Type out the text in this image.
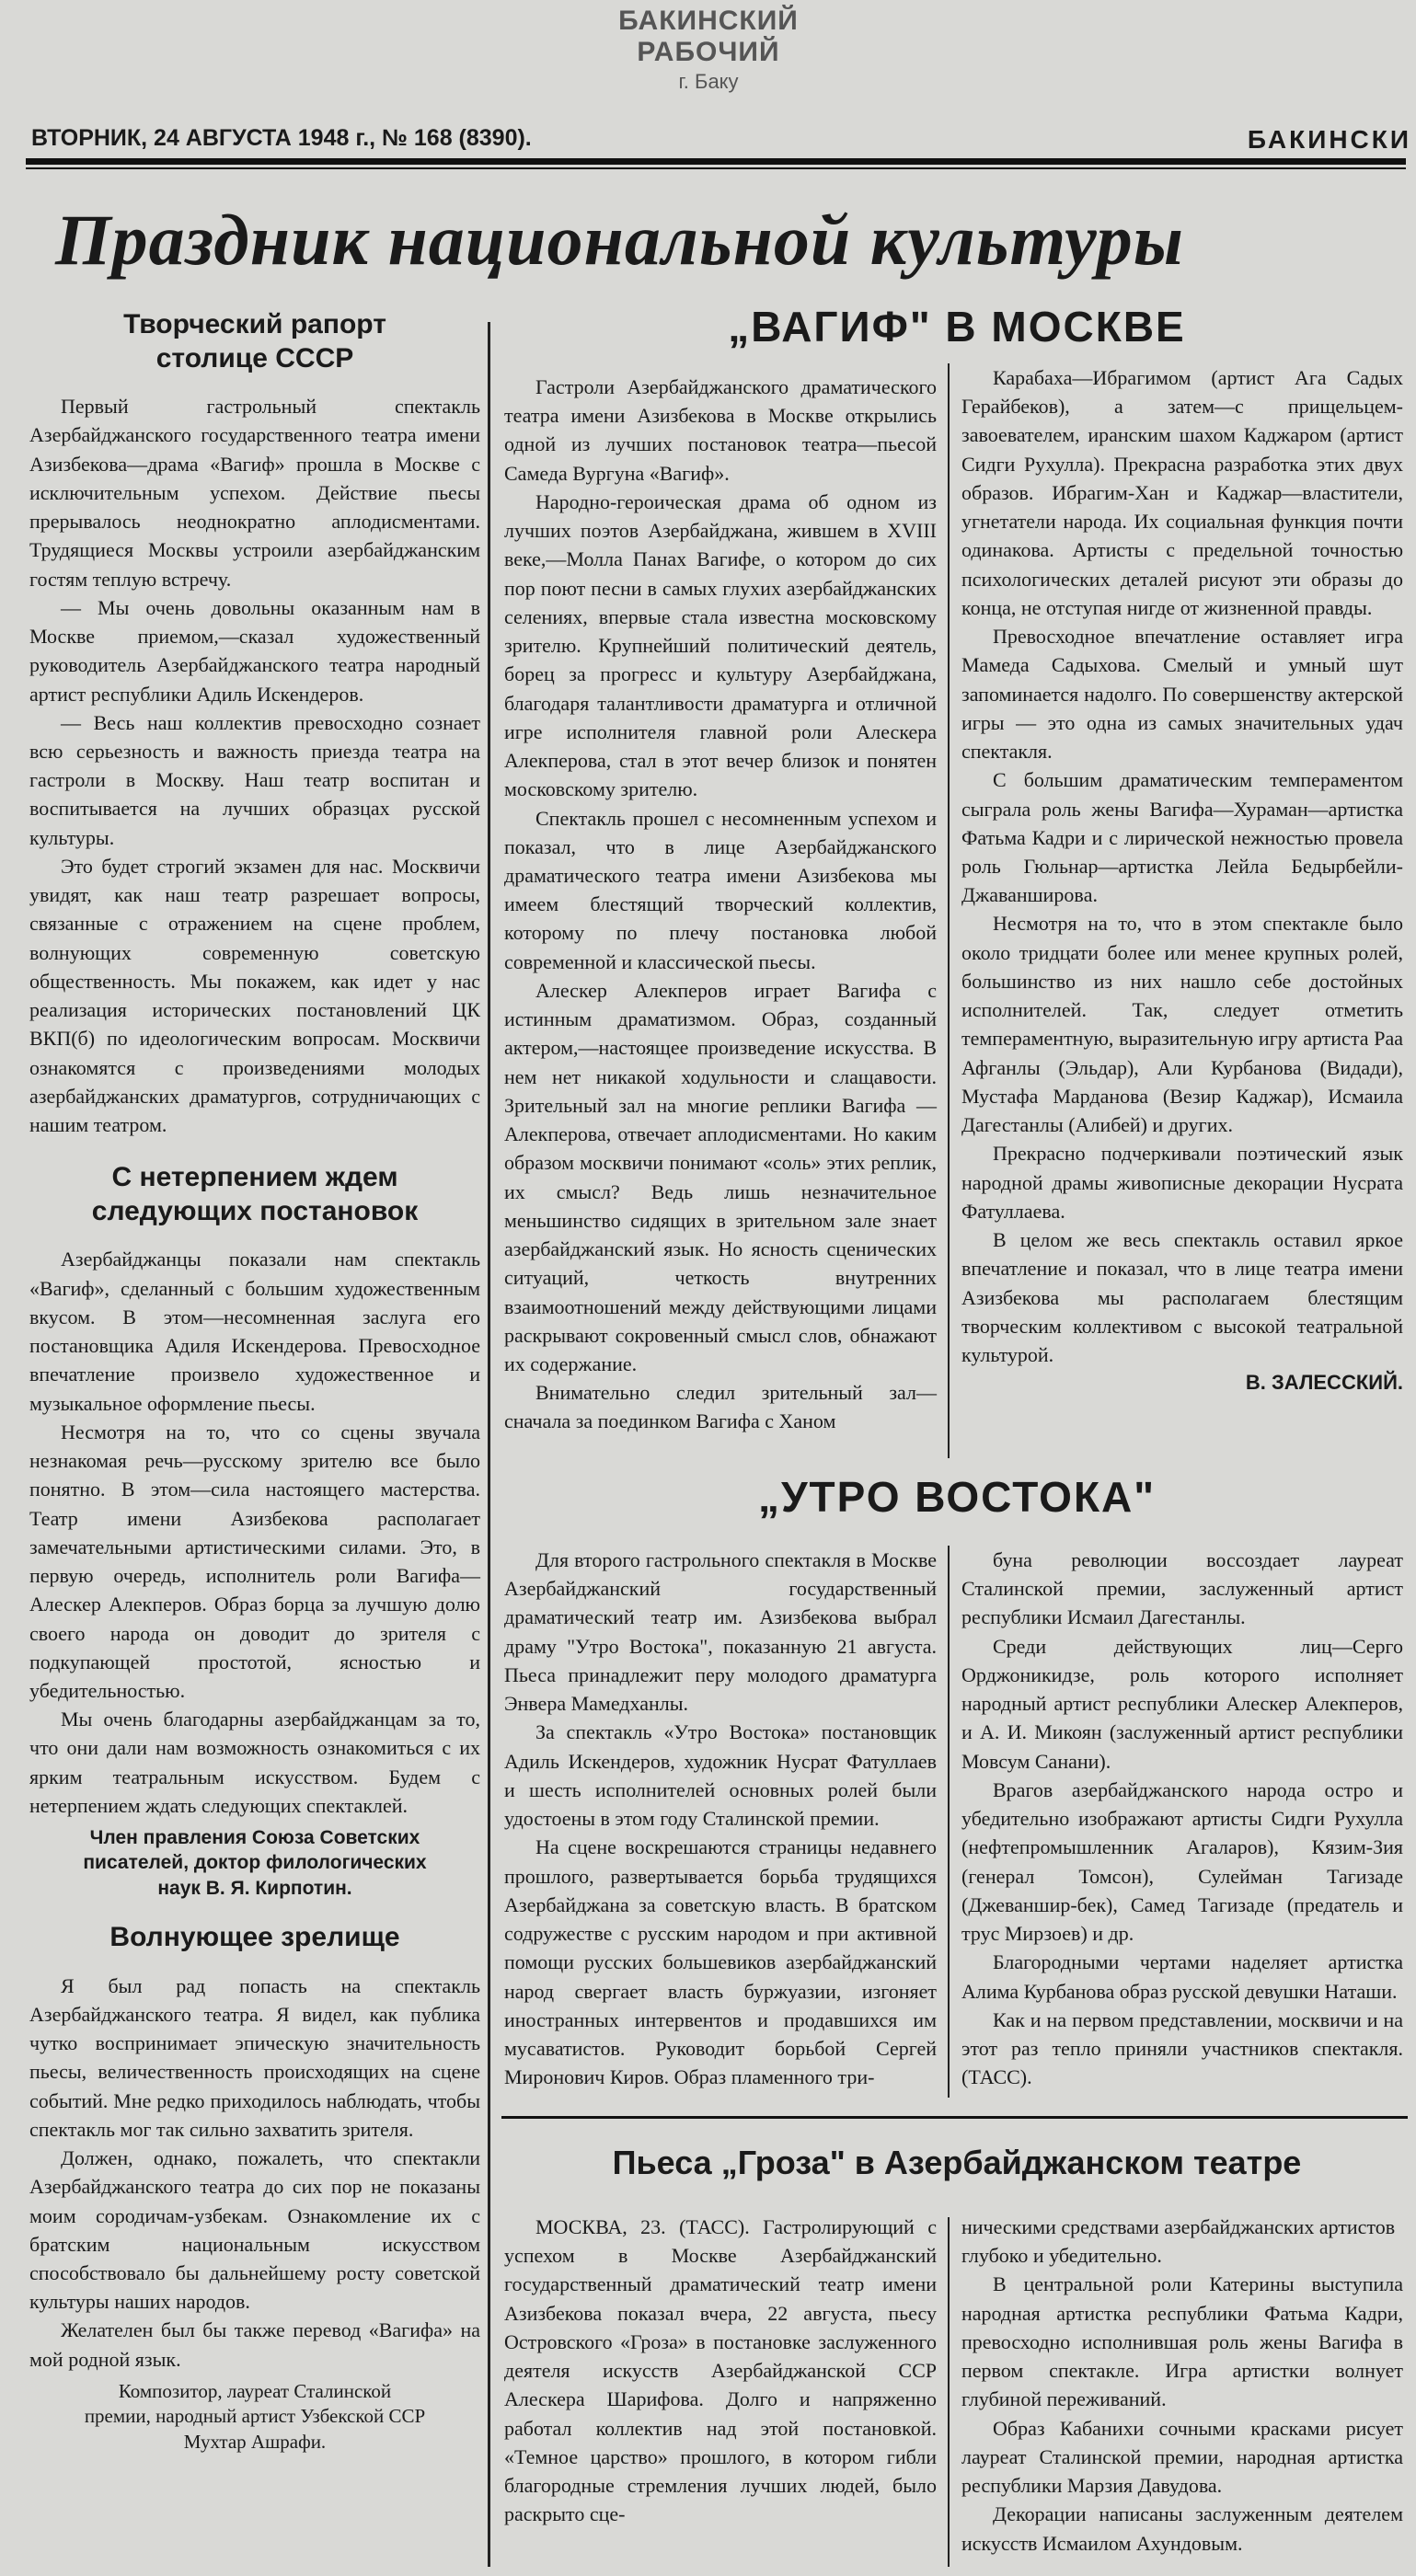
БАКИНСКИЙ РАБОЧИЙ
г. Баку
ВТОРНИК, 24 АВГУСТА 1948 г., № 168 (8390).	БАКИНСКИ
Праздник национальной культуры
Творческий рапорт
столице СССР

Первый гастрольный спектакль Азербайджанского государственного театра имени Азизбекова—драма «Вагиф» прошла в Москве с исключительным успехом. Действие пьесы прерывалось неоднократно аплодисментами. Трудящиеся Москвы устроили азербайджанским гостям теплую встречу.

— Мы очень довольны оказанным нам в Москве приемом,—сказал художественный руководитель Азербайджанского театра народный артист республики Адиль Искендеров.

— Весь наш коллектив превосходно сознает всю серьезность и важность приезда театра на гастроли в Москву. Наш театр воспитан и воспитывается на лучших образцах русской культуры.

Это будет строгий экзамен для нас. Москвичи увидят, как наш театр разрешает вопросы, связанные с отражением на сцене проблем, волнующих современную советскую общественность. Мы покажем, как идет у нас реализация исторических постановлений ЦК ВКП(б) по идеологическим вопросам. Москвичи ознакомятся с произведениями молодых азербайджанских драматургов, сотрудничающих с нашим театром.

С нетерпением ждем
следующих постановок

Азербайджанцы показали нам спектакль «Вагиф», сделанный с большим художественным вкусом. В этом—несомненная заслуга его постановщика Адиля Искендерова. Превосходное впечатление произвело художественное и музыкальное оформление пьесы.

Несмотря на то, что со сцены звучала незнакомая речь—русскому зрителю все было понятно. В этом—сила настоящего мастерства. Театр имени Азизбекова располагает замечательными артистическими силами. Это, в первую очередь, исполнитель роли Вагифа—Алескер Алекперов. Образ борца за лучшую долю своего народа он доводит до зрителя с подкупающей простотой, ясностью и убедительностью.

Мы очень благодарны азербайджанцам за то, что они дали нам возможность ознакомиться с их ярким театральным искусством. Будем с нетерпением ждать следующих спектаклей.

Член правления Союза Советских
писателей, доктор филологических
наук В. Я. Кирпотин.
Волнующее зрелище

Я был рад попасть на спектакль Азербайджанского театра. Я видел, как публика чутко воспринимает эпическую значительность пьесы, величественность происходящих на сцене событий. Мне редко приходилось наблюдать, чтобы спектакль мог так сильно захватить зрителя.

Должен, однако, пожалеть, что спектакли Азербайджанского театра до сих пор не показаны моим сородичам-узбекам. Ознакомление их с братским национальным искусством способствовало бы дальнейшему росту советской культуры наших народов.

Желателен был бы также перевод «Вагифа» на мой родной язык.

Композитор, лауреат Сталинской
премии, народный артист Узбекской ССР
Мухтар Ашрафи.
„ВАГИФ" В МОСКВЕ

Гастроли Азербайджанского драматического театра имени Азизбекова в Москве открылись одной из лучших постановок театра—пьесой Самеда Вургуна «Вагиф».

Народно-героическая драма об одном из лучших поэтов Азербайджана, жившем в XVIII веке,—Молла Панах Вагифе, о котором до сих пор поют песни в самых глухих азербайджанских селениях, впервые стала известна московскому зрителю. Крупнейший политический деятель, борец за прогресс и культуру Азербайджана, благодаря талантливости драматурга и отличной игре исполнителя главной роли Алескера Алекперова, стал в этот вечер близок и понятен московскому зрителю.

Спектакль прошел с несомненным успехом и показал, что в лице Азербайджанского драматического театра имени Азизбекова мы имеем блестящий творческий коллектив, которому по плечу постановка любой современной и классической пьесы.

Алескер Алекперов играет Вагифа с истинным драматизмом. Образ, созданный актером,—настоящее произведение искусства. В нем нет никакой ходульности и слащавости. Зрительный зал на многие реплики Вагифа — Алекперова, отвечает аплодисментами. Но каким образом москвичи понимают «соль» этих реплик, их смысл? Ведь лишь незначительное меньшинство сидящих в зрительном зале знает азербайджанский язык. Но ясность сценических ситуаций, четкость внутренних взаимоотношений между действующими лицами раскрывают сокровенный смысл слов, обнажают их содержание.

Внимательно следил зрительный зал—сначала за поединком Вагифа с Ханом

Карабаха—Ибрагимом (артист Ага Садых Герайбеков), а затем—с прищельцем-завоевателем, иранским шахом Каджаром (артист Сидги Рухулла). Прекрасна разработка этих двух образов. Ибрагим-Хан и Каджар—властители, угнетатели народа. Их социальная функция почти одинакова. Артисты с предельной точностью психологических деталей рисуют эти образы до конца, не отступая нигде от жизненной правды.

Превосходное впечатление оставляет игра Мамеда Садыхова. Смелый и умный шут запоминается надолго. По совершенству актерской игры — это одна из самых значительных удач спектакля.

С большим драматическим темпераментом сыграла роль жены Вагифа—Хураман—артистка Фатьма Кадри и с лирической нежностью провела роль Гюльнар—артистка Лейла Бедырбейли-Джаваншировa.

Несмотря на то, что в этом спектакле было около тридцати более или менее крупных ролей, большинство из них нашло себе достойных исполнителей. Так, следует отметить темпераментную, выразительную игру артиста Раа Афганлы (Эльдар), Али Курбанова (Видади), Мустафа Марданова (Везир Каджар), Исмаила Дагестанлы (Алибей) и других.

Прекрасно подчеркивали поэтический язык народной драмы живописные декорации Нусрата Фатуллаева.

В целом же весь спектакль оставил яркое впечатление и показал, что в лице театра имени Азизбекова мы располагаем блестящим творческим коллективом с высокой театральной культурой.

В. ЗАЛЕССКИЙ.
„УТРО ВОСТОКА"

Для второго гастрольного спектакля в Москве Азербайджанский государственный драматический театр им. Азизбекова выбрал драму "Утро Востока", показанную 21 августа. Пьеса принадлежит перу молодого драматурга Энвера Мамедханлы.

За спектакль «Утро Востока» постановщик Адиль Искендеров, художник Нусрат Фатуллаев и шесть исполнителей основных ролей были удостоены в этом году Сталинской премии.

На сцене воскрешаются страницы недавнего прошлого, развертывается борьба трудящихся Азербайджана за советскую власть. В братском содружестве с русским народом и при активной помощи русских большевиков азербайджанский народ свергает власть буржуазии, изгоняет иностранных интервентов и продавшихся им мусаватистов. Руководит борьбой Сергей Миронович Киров. Образ пламенного три-

буна революции воссоздает лауреат Сталинской премии, заслуженный артист республики Исмаил Дагестанлы.

Среди действующих лиц—Серго Орджоникидзе, роль которого исполняет народный артист республики Алескер Алекперов, и А. И. Микоян (заслуженный артист республики Мовсум Санани).

Врагов азербайджанского народа остро и убедительно изображают артисты Сидги Рухулла (нефтепромышленник Агаларов), Кязим-Зия (генерал Томсон), Сулейман Тагизаде (Джеваншир-бек), Самед Тагизаде (предатель и трус Мирзоев) и др.

Благородными чертами наделяет артистка Алима Курбанова образ русской девушки Наташи.

Как и на первом представлении, москвичи и на этот раз тепло приняли участников спектакля. (ТАСС).

Пьеса „Гроза" в Азербайджанском театре

МОСКВА, 23. (ТАСС). Гастролирующий с успехом в Москве Азербайджанский государственный драматический театр имени Азизбекова показал вчера, 22 августа, пьесу Островского «Гроза» в постановке заслуженного деятеля искусств Азербайджанской ССР Алескера Шарифова. Долго и напряженно работал коллектив над этой постановкой. «Темное царство» прошлого, в котором гибли благородные стремления лучших людей, было раскрыто сце-

ническими средствами азербайджанских артистов глубоко и убедительно.

В центральной роли Катерины выступила народная артистка республики Фатьма Кадри, превосходно исполнившая роль жены Вагифа в первом спектакле. Игра артистки волнует глубиной переживаний.

Образ Кабанихи сочными красками рисует лауреат Сталинской премии, народная артистка республики Марзия Давудова.

Декорации написаны заслуженным деятелем искусств Исмаилом Ахундовым.
